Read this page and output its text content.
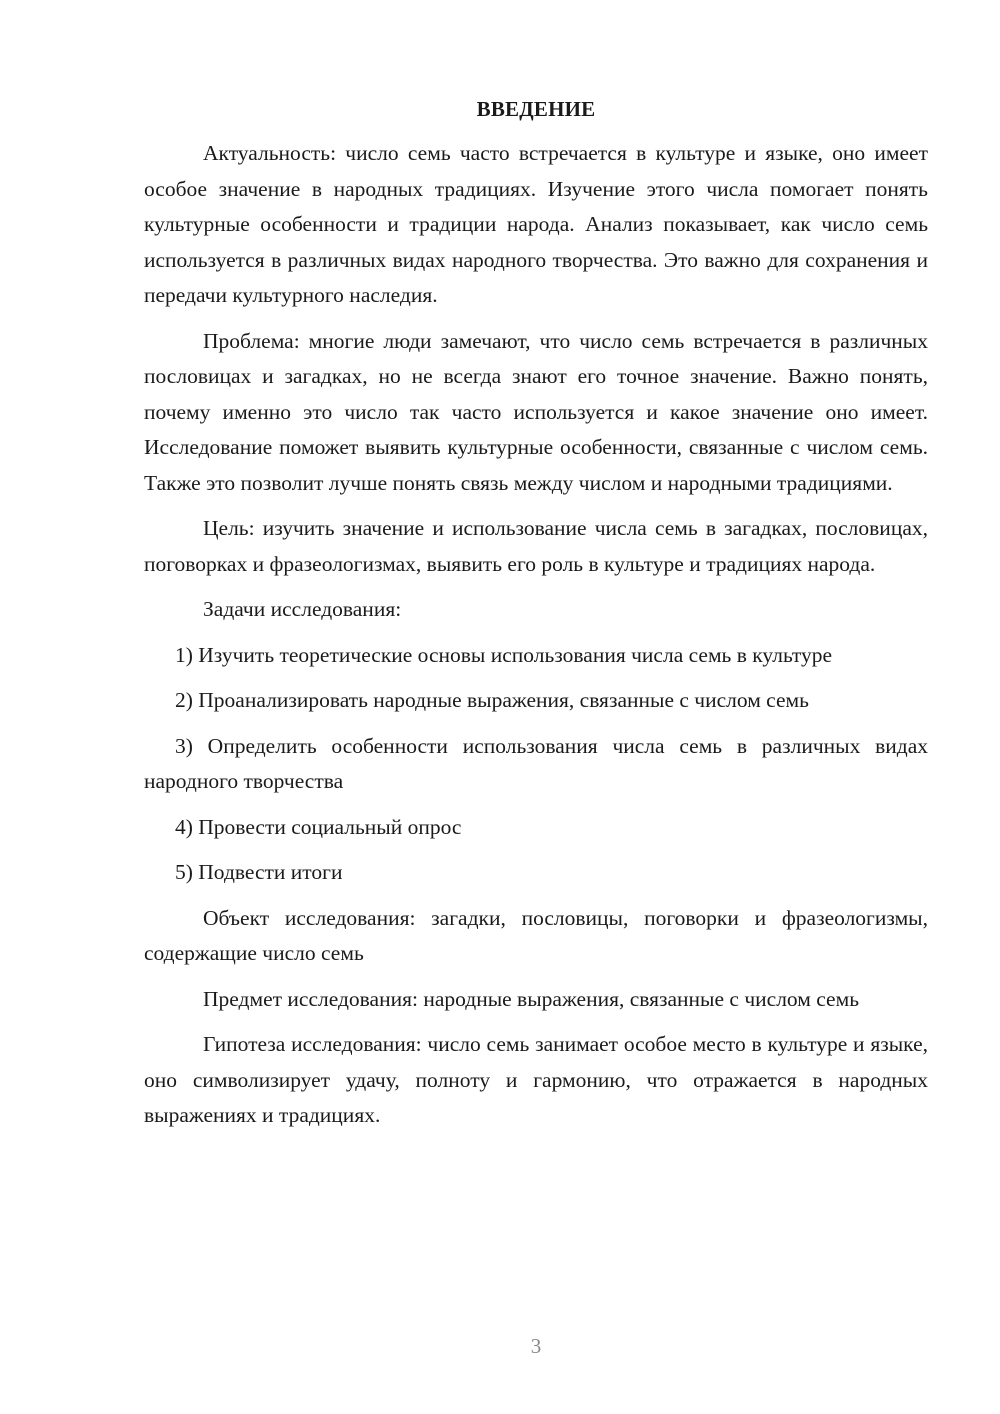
ВВЕДЕНИЕ

Актуальность: число семь часто встречается в культуре и языке, оно имеет особое значение в народных традициях. Изучение этого числа помогает понять культурные особенности и традиции народа. Анализ показывает, как число семь используется в различных видах народного творчества. Это важно для сохранения и передачи культурного наследия.

Проблема: многие люди замечают, что число семь встречается в различных пословицах и загадках, но не всегда знают его точное значение. Важно понять, почему именно это число так часто используется и какое значение оно имеет. Исследование поможет выявить культурные особенности, связанные с числом семь. Также это позволит лучше понять связь между числом и народными традициями.

Цель: изучить значение и использование числа семь в загадках, пословицах, поговорках и фразеологизмах, выявить его роль в культуре и традициях народа.

Задачи исследования:

1) Изучить теоретические основы использования числа семь в культуре

2) Проанализировать народные выражения, связанные с числом семь

3) Определить особенности использования числа семь в различных видах народного творчества

4) Провести социальный опрос

5) Подвести итоги

Объект исследования: загадки, пословицы, поговорки и фразеологизмы, содержащие число семь

Предмет исследования: народные выражения, связанные с числом семь

Гипотеза исследования: число семь занимает особое место в культуре и языке, оно символизирует удачу, полноту и гармонию, что отражается в народных выражениях и традициях.

3
